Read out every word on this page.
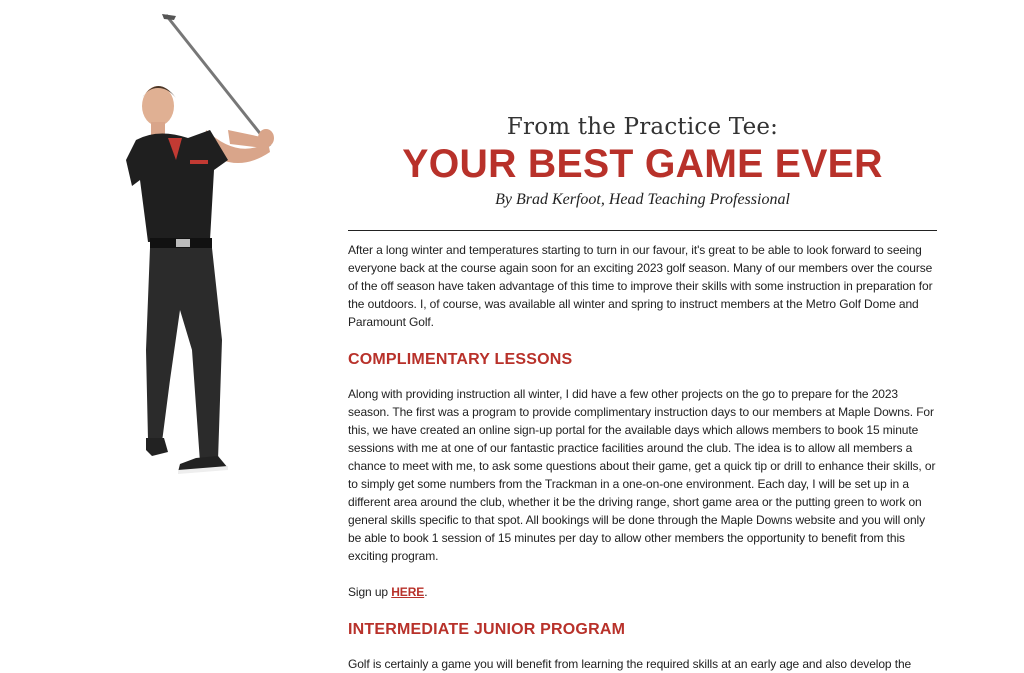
From the Practice Tee:
YOUR BEST GAME EVER
By Brad Kerfoot, Head Teaching Professional

After a long winter and temperatures starting to turn in our favour, it's great to be able to look forward to seeing everyone back at the course again soon for an exciting 2023 golf season. Many of our members over the course of the off season have taken advantage of this time to improve their skills with some instruction in preparation for the outdoors. I, of course, was available all winter and spring to instruct members at the Metro Golf Dome and Paramount Golf.

COMPLIMENTARY LESSONS

Along with providing instruction all winter, I did have a few other projects on the go to prepare for the 2023 season. The first was a program to provide complimentary instruction days to our members at Maple Downs. For this, we have created an online sign-up portal for the available days which allows members to book 15 minute sessions with me at one of our fantastic practice facilities around the club. The idea is to allow all members a chance to meet with me, to ask some questions about their game, get a quick tip or drill to enhance their skills, or to simply get some numbers from the Trackman in a one-on-one environment. Each day, I will be set up in a different area around the club, whether it be the driving range, short game area or the putting green to work on general skills specific to that spot. All bookings will be done through the Maple Downs website and you will only be able to book 1 session of 15 minutes per day to allow other members the opportunity to benefit from this exciting program.

Sign up HERE.

INTERMEDIATE JUNIOR PROGRAM

Golf is certainly a game you will benefit from learning the required skills at an early age and also develop the
